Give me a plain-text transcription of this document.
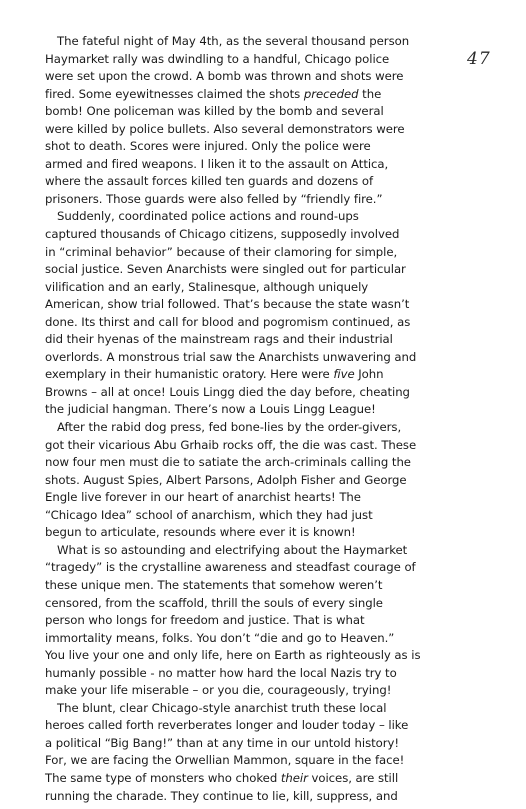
47
The fateful night of May 4th, as the several thousand person
Haymarket rally was dwindling to a handful, Chicago police
were set upon the crowd. A bomb was thrown and shots were
fired. Some eyewitnesses claimed the shots preceded the
bomb! One policeman was killed by the bomb and several
were killed by police bullets. Also several demonstrators were
shot to death. Scores were injured. Only the police were
armed and fired weapons. I liken it to the assault on Attica,
where the assault forces killed ten guards and dozens of
prisoners. Those guards were also felled by “friendly fire.”
Suddenly, coordinated police actions and round-ups
captured thousands of Chicago citizens, supposedly involved
in “criminal behavior” because of their clamoring for simple,
social justice. Seven Anarchists were singled out for particular
vilification and an early, Stalinesque, although uniquely
American, show trial followed. That’s because the state wasn’t
done. Its thirst and call for blood and pogromism continued, as
did their hyenas of the mainstream rags and their industrial
overlords. A monstrous trial saw the Anarchists unwavering and
exemplary in their humanistic oratory. Here were five John
Browns – all at once! Louis Lingg died the day before, cheating
the judicial hangman. There’s now a Louis Lingg League!
After the rabid dog press, fed bone-lies by the order-givers,
got their vicarious Abu Grhaib rocks off, the die was cast. These
now four men must die to satiate the arch-criminals calling the
shots. August Spies, Albert Parsons, Adolph Fisher and George
Engle live forever in our heart of anarchist hearts! The
“Chicago Idea” school of anarchism, which they had just
begun to articulate, resounds where ever it is known!
What is so astounding and electrifying about the Haymarket
“tragedy” is the crystalline awareness and steadfast courage of
these unique men. The statements that somehow weren’t
censored, from the scaffold, thrill the souls of every single
person who longs for freedom and justice. That is what
immortality means, folks. You don’t “die and go to Heaven.”
You live your one and only life, here on Earth as righteously as is
humanly possible - no matter how hard the local Nazis try to
make your life miserable – or you die, courageously, trying!
The blunt, clear Chicago-style anarchist truth these local
heroes called forth reverberates longer and louder today – like
a political “Big Bang!” than at any time in our untold history!
For, we are facing the Orwellian Mammon, square in the face!
The same type of monsters who choked their voices, are still
running the charade. They continue to lie, kill, suppress, and
